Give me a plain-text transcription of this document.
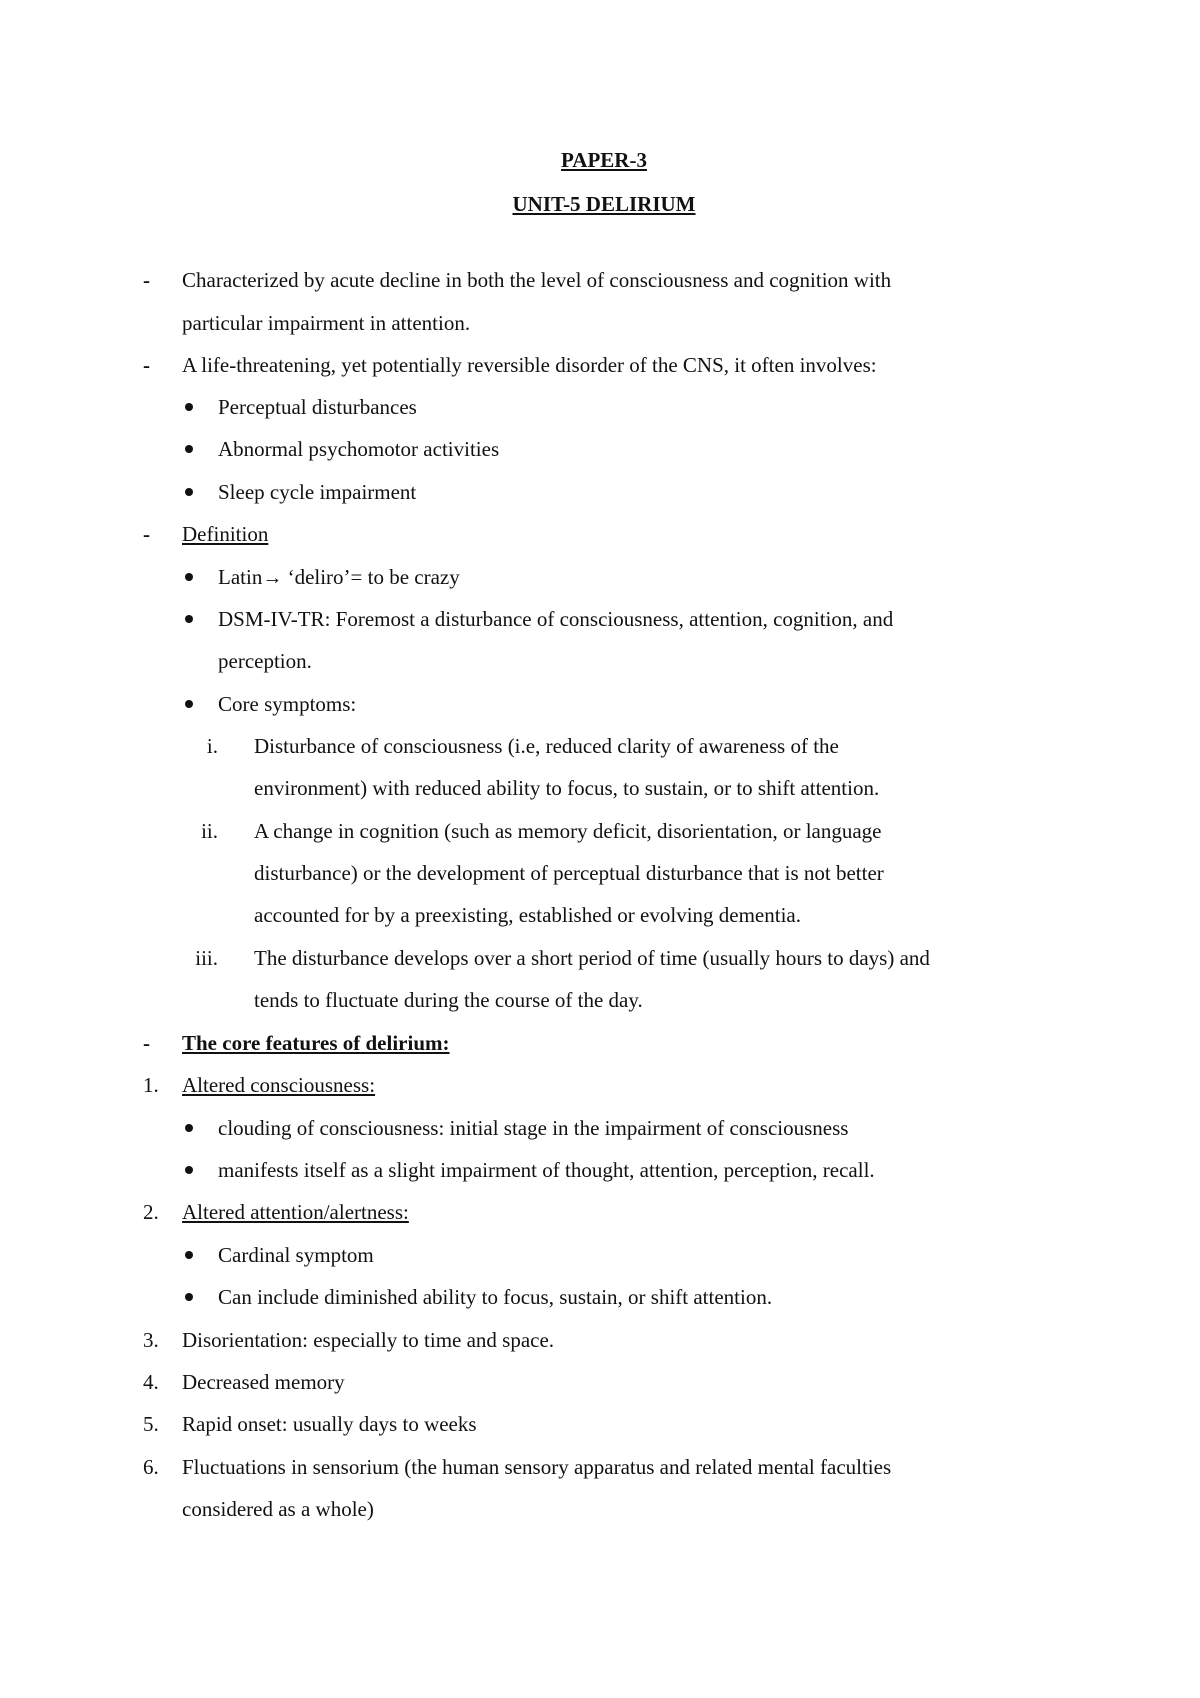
PAPER-3
UNIT-5 DELIRIUM
- Characterized by acute decline in both the level of consciousness and cognition with
particular impairment in attention.
- A life-threatening, yet potentially reversible disorder of the CNS, it often involves:
Perceptual disturbances
Abnormal psychomotor activities
Sleep cycle impairment
- Definition
Latin→ ‘deliro’= to be crazy
DSM-IV-TR: Foremost a disturbance of consciousness, attention, cognition, and
perception.
Core symptoms:
i. Disturbance of consciousness (i.e, reduced clarity of awareness of the
environment) with reduced ability to focus, to sustain, or to shift attention.
ii. A change in cognition (such as memory deficit, disorientation, or language
disturbance) or the development of perceptual disturbance that is not better
accounted for by a preexisting, established or evolving dementia.
iii. The disturbance develops over a short period of time (usually hours to days) and
tends to fluctuate during the course of the day.
- The core features of delirium:
1. Altered consciousness:
clouding of consciousness: initial stage in the impairment of consciousness
manifests itself as a slight impairment of thought, attention, perception, recall.
2. Altered attention/alertness:
Cardinal symptom
Can include diminished ability to focus, sustain, or shift attention.
3. Disorientation: especially to time and space.
4. Decreased memory
5. Rapid onset: usually days to weeks
6. Fluctuations in sensorium (the human sensory apparatus and related mental faculties
considered as a whole)
